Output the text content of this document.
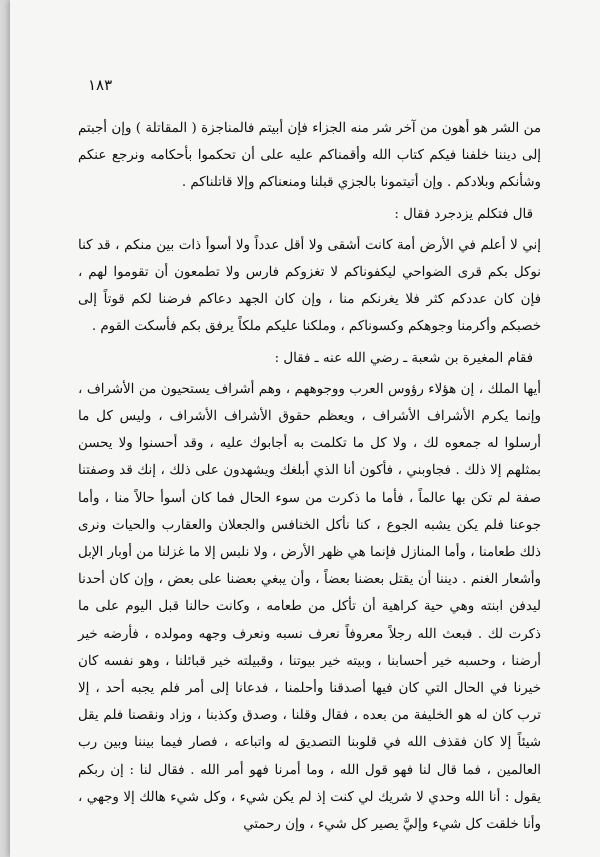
١٨٣

من الشر هو أهون من آخر شر منه الجزاء فإن أبيتم فالمناجزة ( المقاتلة ) وإن أجبتم إلى ديننا خلفنا فيكم كتاب الله وأقمناكم عليه على أن تحكموا بأحكامه ونرجع عنكم وشأنكم وبلادكم . وإن أتيتمونا بالجزي قبلنا ومنعناكم وإلا قاتلناكم .

قال فتكلم يزدجرد فقال :

إني لا أعلم في الأرض أمة كانت أشقى ولا أقل عدداً ولا أسوأ ذات بين منكم ، قد كنا نوكل بكم قرى الضواحي ليكفوناكم لا تغزوكم فارس ولا تطمعون أن تقوموا لهم ، فإن كان عددكم كثر فلا يغرنكم منا ، وإن كان الجهد دعاكم فرضنا لكم قوتاً إلى خصبكم وأكرمنا وجوهكم وكسوناكم ، وملكنا عليكم ملكاً يرفق بكم فأسكت القوم .

فقام المغيرة بن شعبة ـ رضي الله عنه ـ فقال :

أيها الملك ، إن هؤلاء رؤوس العرب ووجوههم ، وهم أشراف يستحيون من الأشراف ، وإنما يكرم الأشراف الأشراف ، ويعظم حقوق الأشراف الأشراف ، وليس كل ما أرسلوا له جمعوه لك ، ولا كل ما تكلمت به أجابوك عليه ، وقد أحسنوا ولا يحسن بمثلهم إلا ذلك . فجاوبني ، فأكون أنا الذي أبلغك ويشهدون على ذلك ، إنك قد وصفتنا صفة لم تكن بها عالماً ، فأما ما ذكرت من سوء الحال فما كان أسوأ حالاً منا ، وأما جوعنا فلم يكن يشبه الجوع ، كنا نأكل الخنافس والجعلان والعقارب والحيات ونرى ذلك طعامنا ، وأما المنازل فإنما هي ظهر الأرض ، ولا نلبس إلا ما غزلنا من أوبار الإبل وأشعار الغنم . ديننا أن يقتل بعضنا بعضاً ، وأن يبغي بعضنا على بعض ، وإن كان أحدنا ليدفن ابنته وهي حية كراهية أن تأكل من طعامه ، وكانت حالنا قبل اليوم على ما ذكرت لك . فبعث الله رجلاً معروفاً نعرف نسبه ونعرف وجهه ومولده ، فأرضه خير أرضنا ، وحسبه خير أحسابنا ، وبيته خير بيوتنا ، وقبيلته خير قبائلنا ، وهو نفسه كان خيرنا في الحال التي كان فيها أصدقنا وأحلمنا ، فدعانا إلى أمر فلم يجبه أحد ، إلا ترب كان له هو الخليفة من بعده ، فقال وقلنا ، وصدق وكذبنا ، وزاد ونقصنا فلم يقل شيئاً إلا كان فقذف الله في قلوبنا التصديق له واتباعه ، فصار فيما بيننا وبين رب العالمين ، فما قال لنا فهو قول الله ، وما أمرنا فهو أمر الله . فقال لنا : إن ربكم يقول : أنا الله وحدي لا شريك لي كنت إذ لم يكن شيء ، وكل شيء هالك إلا وجهي ، وأنا خلقت كل شيء وإليَّ يصير كل شيء ، وإن رحمتي
